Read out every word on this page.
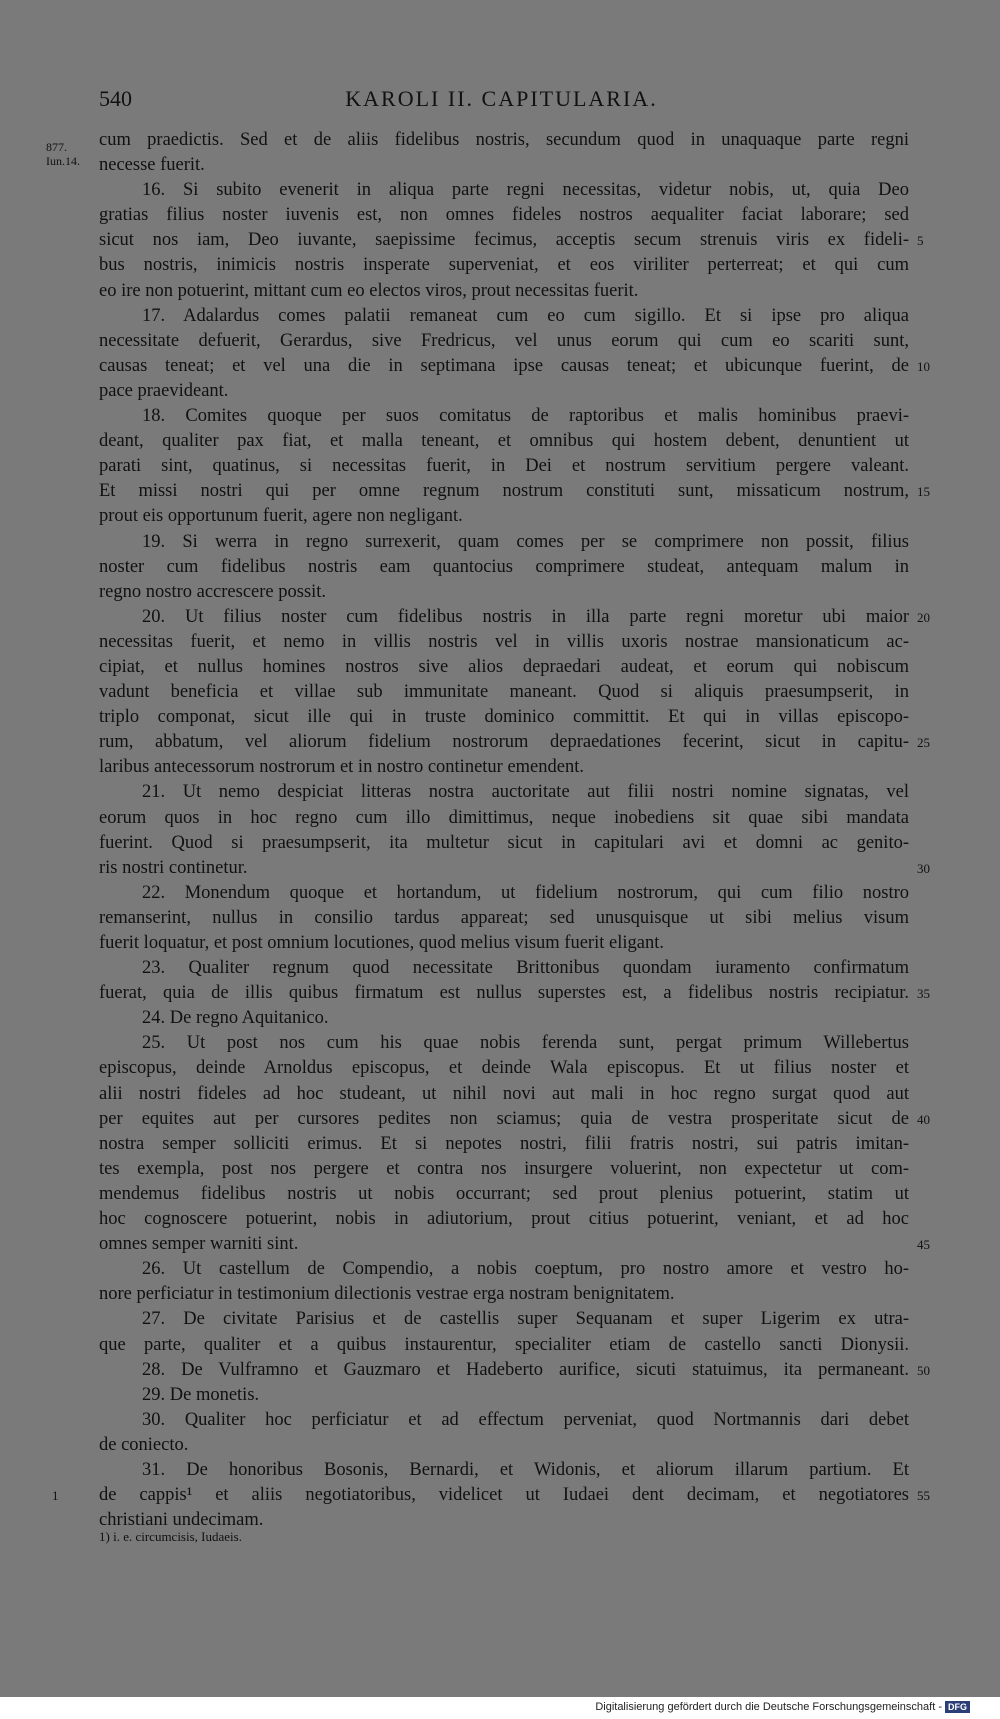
540	KAROLI II. CAPITULARIA.
877.
Iun.14.
cum praedictis. Sed et de aliis fidelibus nostris, secundum quod in unaquaque parte regni
necesse fuerit.
16. Si subito evenerit in aliqua parte regni necessitas, videtur nobis, ut, quia Deo
gratias filius noster iuvenis est, non omnes fideles nostros aequaliter faciat laborare; sed
sicut nos iam, Deo iuvante, saepissime fecimus, acceptis secum strenuis viris ex fideli- 5
bus nostris, inimicis nostris insperate superveniat, et eos viriliter perterreat; et qui cum
eo ire non potuerint, mittant cum eo electos viros, prout necessitas fuerit.
17. Adalardus comes palatii remaneat cum eo cum sigillo. Et si ipse pro aliqua
necessitate defuerit, Gerardus, sive Fredricus, vel unus eorum qui cum eo scariti sunt,
causas teneat; et vel una die in septimana ipse causas teneat; et ubicunque fuerint, de 10
pace praevideant.
18. Comites quoque per suos comitatus de raptoribus et malis hominibus praevi-
deant, qualiter pax fiat, et malla teneant, et omnibus qui hostem debent, denuntient ut
parati sint, quatinus, si necessitas fuerit, in Dei et nostrum servitium pergere valeant.
Et missi nostri qui per omne regnum nostrum constituti sunt, missaticum nostrum, 15
prout eis opportunum fuerit, agere non negligant.
19. Si werra in regno surrexerit, quam comes per se comprimere non possit, filius
noster cum fidelibus nostris eam quantocius comprimere studeat, antequam malum in
regno nostro accrescere possit.
20. Ut filius noster cum fidelibus nostris in illa parte regni moretur ubi maior 20
necessitas fuerit, et nemo in villis nostris vel in villis uxoris nostrae mansionaticum ac-
cipiat, et nullus homines nostros sive alios depraedari audeat, et eorum qui nobiscum
vadunt beneficia et villae sub immunitate maneant. Quod si aliquis praesumpserit, in
triplo componat, sicut ille qui in truste dominico committit. Et qui in villas episcopo-
rum, abbatum, vel aliorum fidelium nostrorum depraedationes fecerint, sicut in capitu- 25
laribus antecessorum nostrorum et in nostro continetur emendent.
21. Ut nemo despiciat litteras nostra auctoritate aut filii nostri nomine signatas, vel
eorum quos in hoc regno cum illo dimittimus, neque inobediens sit quae sibi mandata
fuerint. Quod si praesumpserit, ita multetur sicut in capitulari avi et domni ac genito-
ris nostri continetur.	30
22. Monendum quoque et hortandum, ut fidelium nostrorum, qui cum filio nostro
remanserint, nullus in consilio tardus appareat; sed unusquisque ut sibi melius visum
fuerit loquatur, et post omnium locutiones, quod melius visum fuerit eligant.
23. Qualiter regnum quod necessitate Brittonibus quondam iuramento confirmatum
fuerat, quia de illis quibus firmatum est nullus superstes est, a fidelibus nostris recipiatur. 35
24. De regno Aquitanico.
25. Ut post nos cum his quae nobis ferenda sunt, pergat primum Willebertus
episcopus, deinde Arnoldus episcopus, et deinde Wala episcopus. Et ut filius noster et
alii nostri fideles ad hoc studeant, ut nihil novi aut mali in hoc regno surgat quod aut
per equites aut per cursores pedites non sciamus; quia de vestra prosperitate sicut de 40
nostra semper solliciti erimus. Et si nepotes nostri, filii fratris nostri, sui patris imitan-
tes exempla, post nos pergere et contra nos insurgere voluerint, non expectetur ut com-
mendemus fidelibus nostris ut nobis occurrant; sed prout plenius potuerint, statim ut
hoc cognoscere potuerint, nobis in adiutorium, prout citius potuerint, veniant, et ad hoc
omnes semper warniti sint.	45
26. Ut castellum de Compendio, a nobis coeptum, pro nostro amore et vestro ho-
nore perficiatur in testimonium dilectionis vestrae erga nostram benignitatem.
27. De civitate Parisius et de castellis super Sequanam et super Ligerim ex utra-
que parte, qualiter et a quibus instaurentur, specialiter etiam de castello sancti Dionysii.
28. De Vulframno et Gauzmaro et Hadeberto aurifice, sicuti statuimus, ita permaneant. 50
29. De monetis.
30. Qualiter hoc perficiatur et ad effectum perveniat, quod Nortmannis dari debet
de coniecto.
31. De honoribus Bosonis, Bernardi, et Widonis, et aliorum illarum partium. Et
de cappis¹ et aliis negotiatoribus, videlicet ut Iudaei dent decimam, et negotiatores 55
1
christiani undecimam.
1) i. e. circumcisis, Iudaeis.
Digitalisierung gefördert durch die Deutsche Forschungsgemeinschaft - DFG
